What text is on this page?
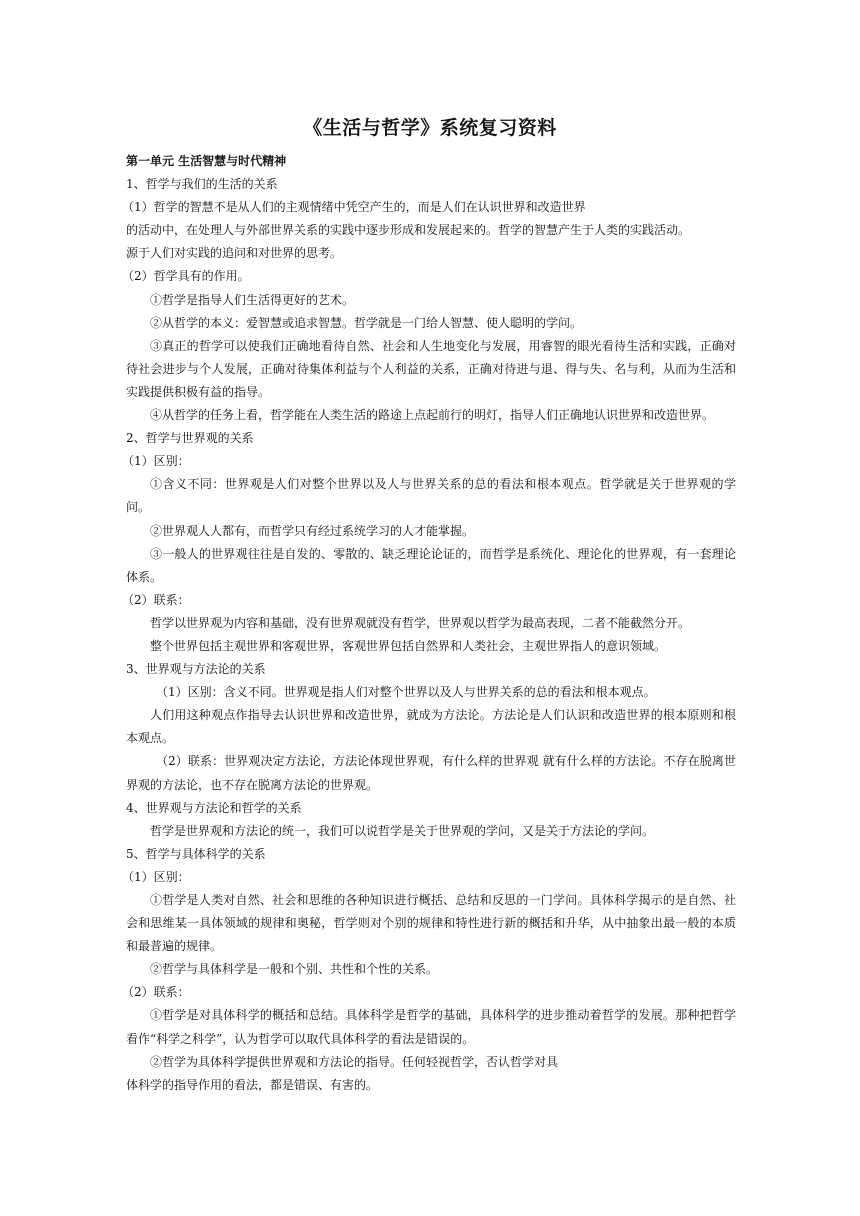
《生活与哲学》系统复习资料

第一单元 生活智慧与时代精神

1、哲学与我们的生活的关系

（1）哲学的智慧不是从人们的主观情绪中凭空产生的，而是人们在认识世界和改造世界

的活动中，在处理人与外部世界关系的实践中逐步形成和发展起来的。哲学的智慧产生于人类的实践活动。

源于人们对实践的追问和对世界的思考。

（2）哲学具有的作用。

①哲学是指导人们生活得更好的艺术。

②从哲学的本义：爱智慧或追求智慧。哲学就是一门给人智慧、使人聪明的学问。

③真正的哲学可以使我们正确地看待自然、社会和人生地变化与发展，用睿智的眼光看待生活和实践，正确对待社会进步与个人发展，正确对待集体利益与个人利益的关系，正确对待进与退、得与失、名与利，从而为生活和实践提供积极有益的指导。

④从哲学的任务上看，哲学能在人类生活的路途上点起前行的明灯，指导人们正确地认识世界和改造世界。

2、哲学与世界观的关系

（1）区别：

①含义不同：世界观是人们对整个世界以及人与世界关系的总的看法和根本观点。哲学就是关于世界观的学问。

②世界观人人都有，而哲学只有经过系统学习的人才能掌握。

③一般人的世界观往往是自发的、零散的、缺乏理论论证的，而哲学是系统化、理论化的世界观，有一套理论体系。

（2）联系：

哲学以世界观为内容和基础，没有世界观就没有哲学，世界观以哲学为最高表现，二者不能截然分开。

整个世界包括主观世界和客观世界，客观世界包括自然界和人类社会，主观世界指人的意识领域。

3、世界观与方法论的关系

（1）区别：含义不同。世界观是指人们对整个世界以及人与世界关系的总的看法和根本观点。

人们用这种观点作指导去认识世界和改造世界，就成为方法论。方法论是人们认识和改造世界的根本原则和根本观点。

（2）联系：世界观决定方法论，方法论体现世界观，有什么样的世界观 就有什么样的方法论。不存在脱离世界观的方法论，也不存在脱离方法论的世界观。

4、世界观与方法论和哲学的关系

哲学是世界观和方法论的统一，我们可以说哲学是关于世界观的学问，又是关于方法论的学问。

5、哲学与具体科学的关系

（1）区别：

①哲学是人类对自然、社会和思维的各种知识进行概括、总结和反思的一门学问。具体科学揭示的是自然、社会和思维某一具体领域的规律和奥秘，哲学则对个别的规律和特性进行新的概括和升华，从中抽象出最一般的本质和最普遍的规律。

②哲学与具体科学是一般和个别、共性和个性的关系。

（2）联系：

①哲学是对具体科学的概括和总结。具体科学是哲学的基础，具体科学的进步推动着哲学的发展。那种把哲学看作“科学之科学”，认为哲学可以取代具体科学的看法是错误的。

②哲学为具体科学提供世界观和方法论的指导。任何轻视哲学，否认哲学对具

体科学的指导作用的看法，都是错误、有害的。
